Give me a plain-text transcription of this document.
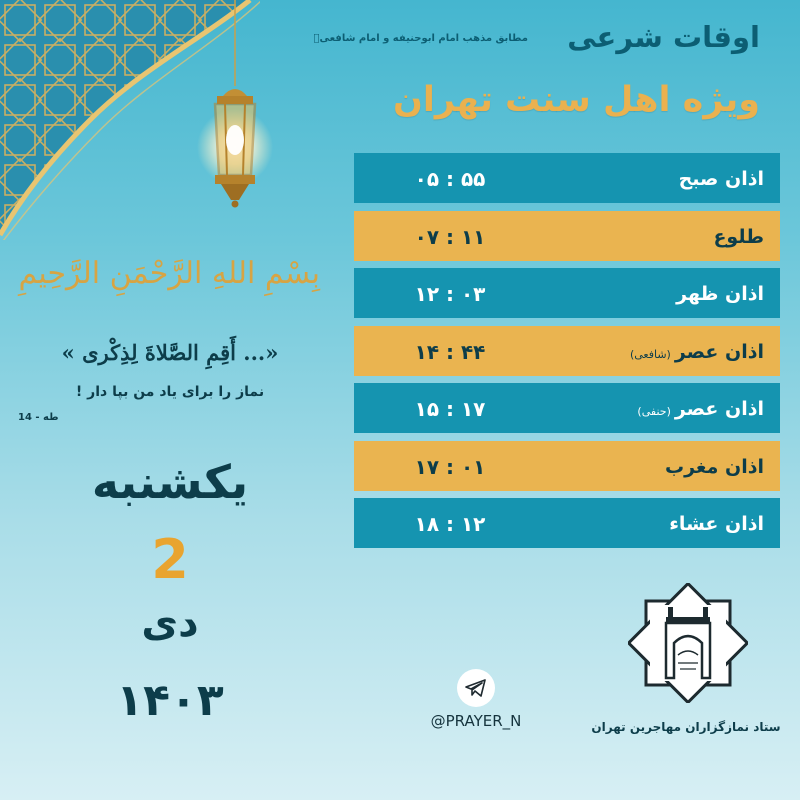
اوقات شرعی
مطابق مذهب امام ابوحنیفه و امام شافعیؒ
ویژه اهل سنت تهران
اذان صبح
۰۵ : ۵۵
طلوع
۰۷ : ۱۱
اذان ظهر
۱۲ : ۰۳
اذان عصر(شافعی)
۱۴ : ۴۴
اذان عصر(حنفی)
۱۵ : ۱۷
اذان مغرب
۱۷ : ۰۱
اذان عشاء
۱۸ : ۱۲
بِسْمِ اللهِ الرَّحْمَنِ الرَّحِیمِ
«... أَقِمِ الصَّلاةَ لِذِكْرى »
نماز را برای یاد من بپا دار !
طه - 14
یکشنبه
2
دی
۱۴۰۳	@PRAYER_N	ستاد نمازگزاران مهاجرین تهران
